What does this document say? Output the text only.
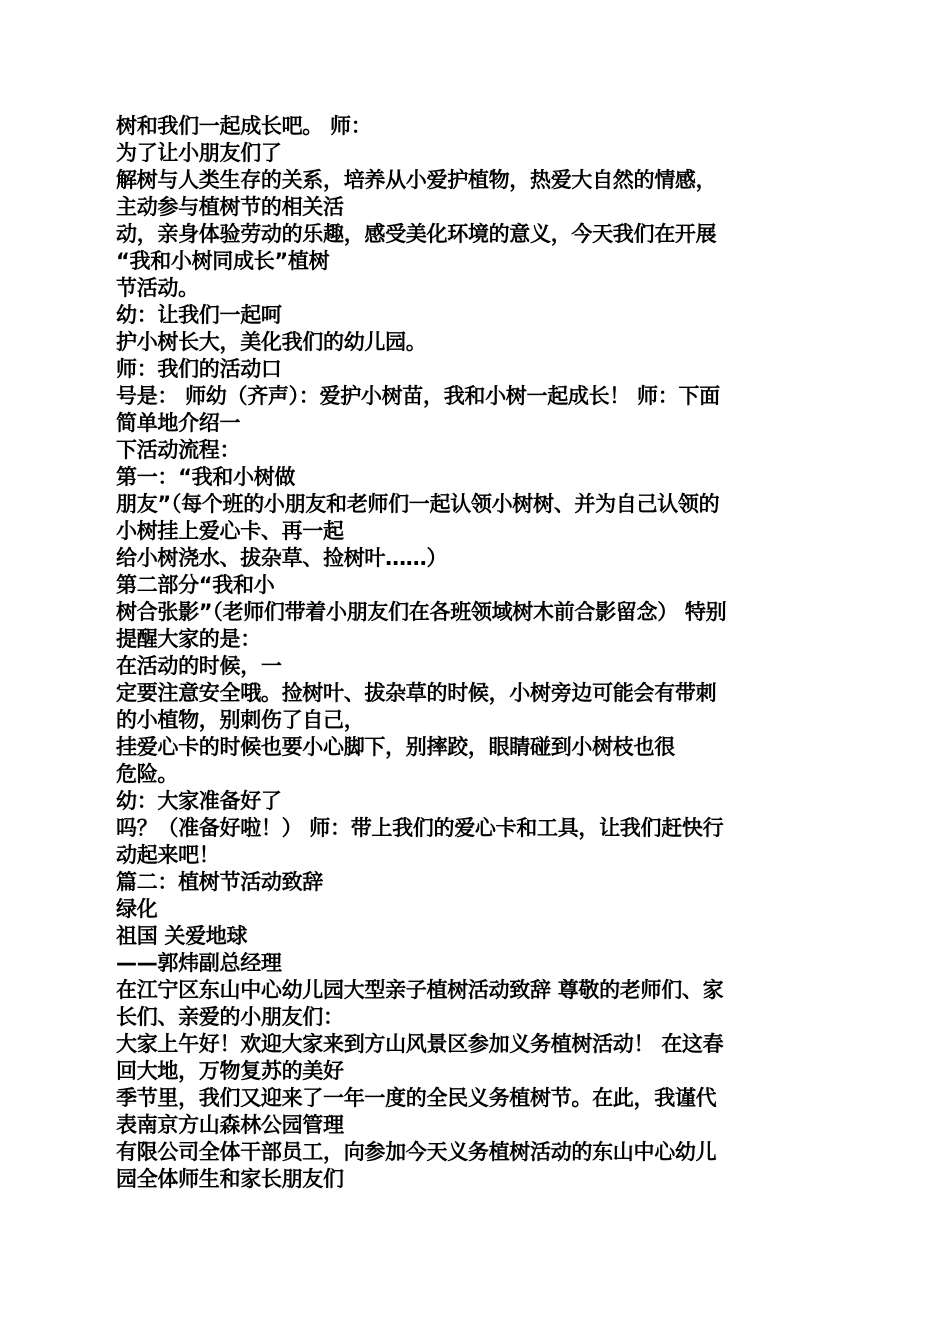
树和我们一起成长吧。 师：
为了让小朋友们了
解树与人类生存的关系，培养从小爱护植物，热爱大自然的情感，
主动参与植树节的相关活
动，亲身体验劳动的乐趣，感受美化环境的意义，今天我们在开展
“我和小树同成长”植树
节活动。
幼：让我们一起呵
护小树长大，美化我们的幼儿园。
师：我们的活动口
号是： 师幼（齐声）：爱护小树苗，我和小树一起成长！ 师：下面
简单地介绍一
下活动流程：
第一：“我和小树做
朋友”（每个班的小朋友和老师们一起认领小树树、并为自己认领的
小树挂上爱心卡、再一起
给小树浇水、拔杂草、捡树叶……）
第二部分“我和小
树合张影”（老师们带着小朋友们在各班领域树木前合影留念） 特别
提醒大家的是：
在活动的时候，一
定要注意安全哦。捡树叶、拔杂草的时候，小树旁边可能会有带刺
的小植物，别刺伤了自己，
挂爱心卡的时候也要小心脚下，别摔跤，眼睛碰到小树枝也很
危险。
幼：大家准备好了
吗？（准备好啦！） 师：带上我们的爱心卡和工具，让我们赶快行
动起来吧！
篇二：植树节活动致辞
绿化
祖国 关爱地球
——郭炜副总经理
在江宁区东山中心幼儿园大型亲子植树活动致辞 尊敬的老师们、家
长们、亲爱的小朋友们：
大家上午好！欢迎大家来到方山风景区参加义务植树活动！ 在这春
回大地，万物复苏的美好
季节里，我们又迎来了一年一度的全民义务植树节。在此，我谨代
表南京方山森林公园管理
有限公司全体干部员工，向参加今天义务植树活动的东山中心幼儿
园全体师生和家长朋友们
